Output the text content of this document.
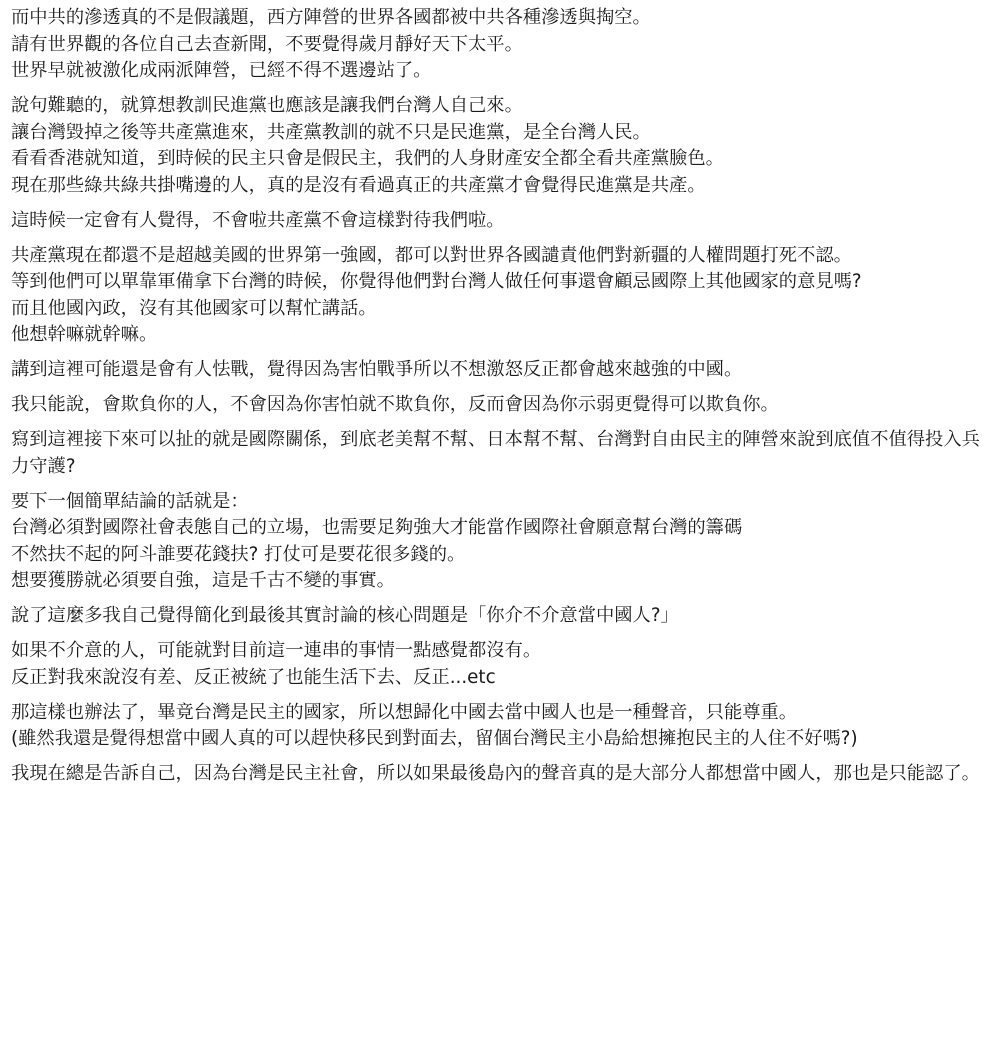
而中共的滲透真的不是假議題，西方陣營的世界各國都被中共各種滲透與掏空。
請有世界觀的各位自己去查新聞，不要覺得歲月靜好天下太平。
世界早就被激化成兩派陣營，已經不得不選邊站了。
說句難聽的，就算想教訓民進黨也應該是讓我們台灣人自己來。
讓台灣毀掉之後等共產黨進來，共產黨教訓的就不只是民進黨，是全台灣人民。
看看香港就知道，到時候的民主只會是假民主，我們的人身財產安全都全看共產黨臉色。
現在那些綠共綠共掛嘴邊的人，真的是沒有看過真正的共產黨才會覺得民進黨是共產。
這時候一定會有人覺得，不會啦共產黨不會這樣對待我們啦。
共產黨現在都還不是超越美國的世界第一強國，都可以對世界各國譴責他們對新疆的人權問題打死不認。
等到他們可以單靠軍備拿下台灣的時候，你覺得他們對台灣人做任何事還會顧忌國際上其他國家的意見嗎?
而且他國內政，沒有其他國家可以幫忙講話。
他想幹嘛就幹嘛。
講到這裡可能還是會有人怯戰，覺得因為害怕戰爭所以不想激怒反正都會越來越強的中國。
我只能說，會欺負你的人，不會因為你害怕就不欺負你，反而會因為你示弱更覺得可以欺負你。
寫到這裡接下來可以扯的就是國際關係，到底老美幫不幫、日本幫不幫、台灣對自由民主的陣營來說到底值不值得投入兵力守護?
要下一個簡單結論的話就是：
台灣必須對國際社會表態自己的立場，也需要足夠強大才能當作國際社會願意幫台灣的籌碼
不然扶不起的阿斗誰要花錢扶? 打仗可是要花很多錢的。
想要獲勝就必須要自強，這是千古不變的事實。
說了這麼多我自己覺得簡化到最後其實討論的核心問題是「你介不介意當中國人?」
如果不介意的人，可能就對目前這一連串的事情一點感覺都沒有。
反正對我來說沒有差、反正被統了也能生活下去、反正...etc
那這樣也辦法了，畢竟台灣是民主的國家，所以想歸化中國去當中國人也是一種聲音，只能尊重。
(雖然我還是覺得想當中國人真的可以趕快移民到對面去，留個台灣民主小島給想擁抱民主的人住不好嗎?)
我現在總是告訴自己，因為台灣是民主社會，所以如果最後島內的聲音真的是大部分人都想當中國人，那也是只能認了。
